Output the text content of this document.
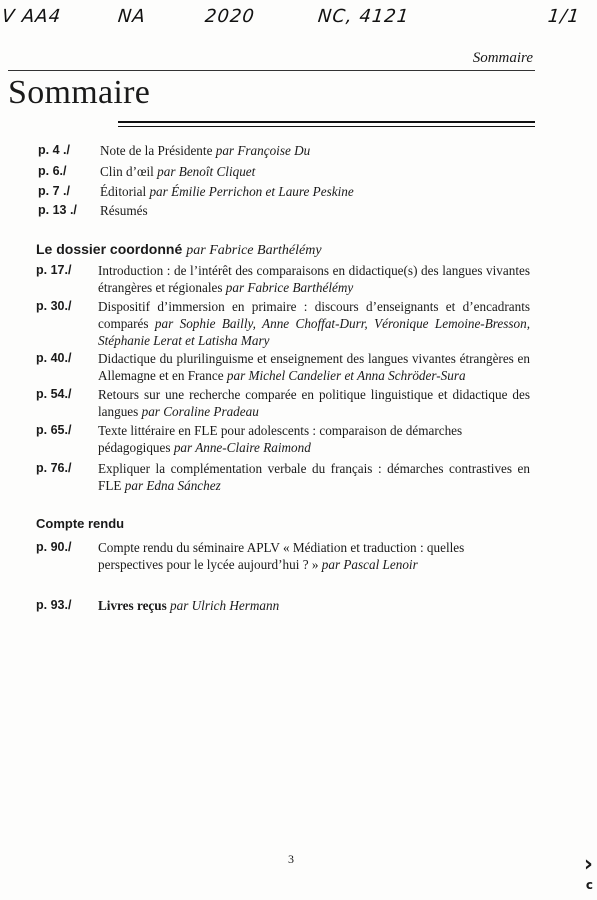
V AA4	NA	2020	NC, 4121	1/1
Sommaire
Sommaire
p. 4 ./ Note de la Présidente par Françoise Du
p. 6./	Clin d’œil par Benoît Cliquet
p. 7 ./ Éditorial par Émilie Perrichon et Laure Peskine
p. 13 ./ Résumés
Le dossier coordonné par Fabrice Barthélémy
p. 17./ Introduction : de l’intérêt des comparaisons en didactique(s) des langues vivantes étrangères et régionales par Fabrice Barthélémy
p. 30./ Dispositif d’immersion en primaire : discours d’enseignants et d’encadrants comparés par Sophie Bailly, Anne Choffat-Durr, Véronique Lemoine-Bresson, Stéphanie Lerat et Latisha Mary
p. 40./ Didactique du plurilinguisme et enseignement des langues vivantes étrangères en Allemagne et en France par Michel Candelier et Anna Schröder-Sura
p. 54./ Retours sur une recherche comparée en politique linguistique et didactique des langues par Coraline Pradeau
p. 65./ Texte littéraire en FLE pour adolescents : comparaison de démarches pédagogiques par Anne-Claire Raimond
p. 76./ Expliquer la complémentation verbale du français : démarches contrastives en FLE par Edna Sánchez
Compte rendu
p. 90./ Compte rendu du séminaire APLV « Médiation et traduction : quelles perspectives pour le lycée aujourd’hui ? » par Pascal Lenoir
p. 93./ Livres reçus par Ulrich Hermann
3	›
c
